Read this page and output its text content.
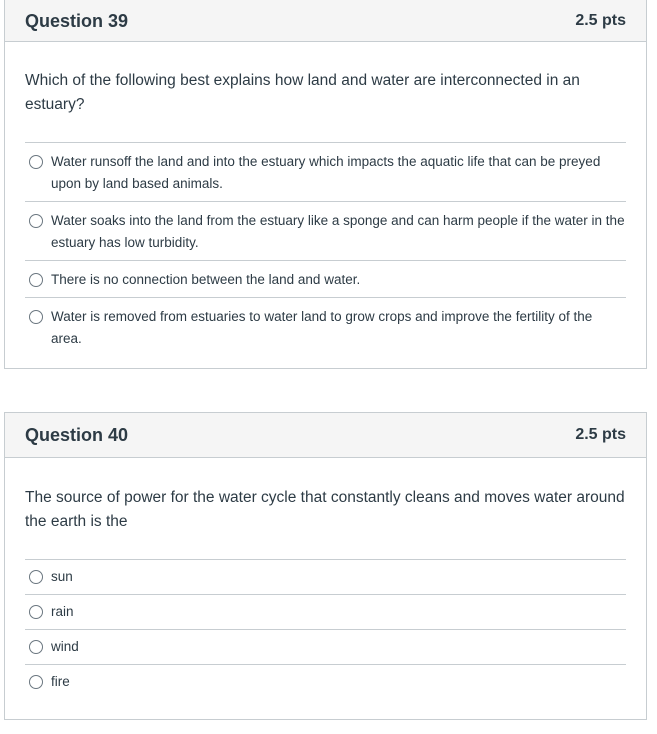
Question 39	2.5 pts

Which of the following best explains how land and water are interconnected in an estuary?

Water runsoff the land and into the estuary which impacts the aquatic life that can be preyed upon by land based animals.
Water soaks into the land from the estuary like a sponge and can harm people if the water in the estuary has low turbidity.
There is no connection between the land and water.
Water is removed from estuaries to water land to grow crops and improve the fertility of the area.
Question 40	2.5 pts

The source of power for the water cycle that constantly cleans and moves water around the earth is the

sun
rain
wind
fire
